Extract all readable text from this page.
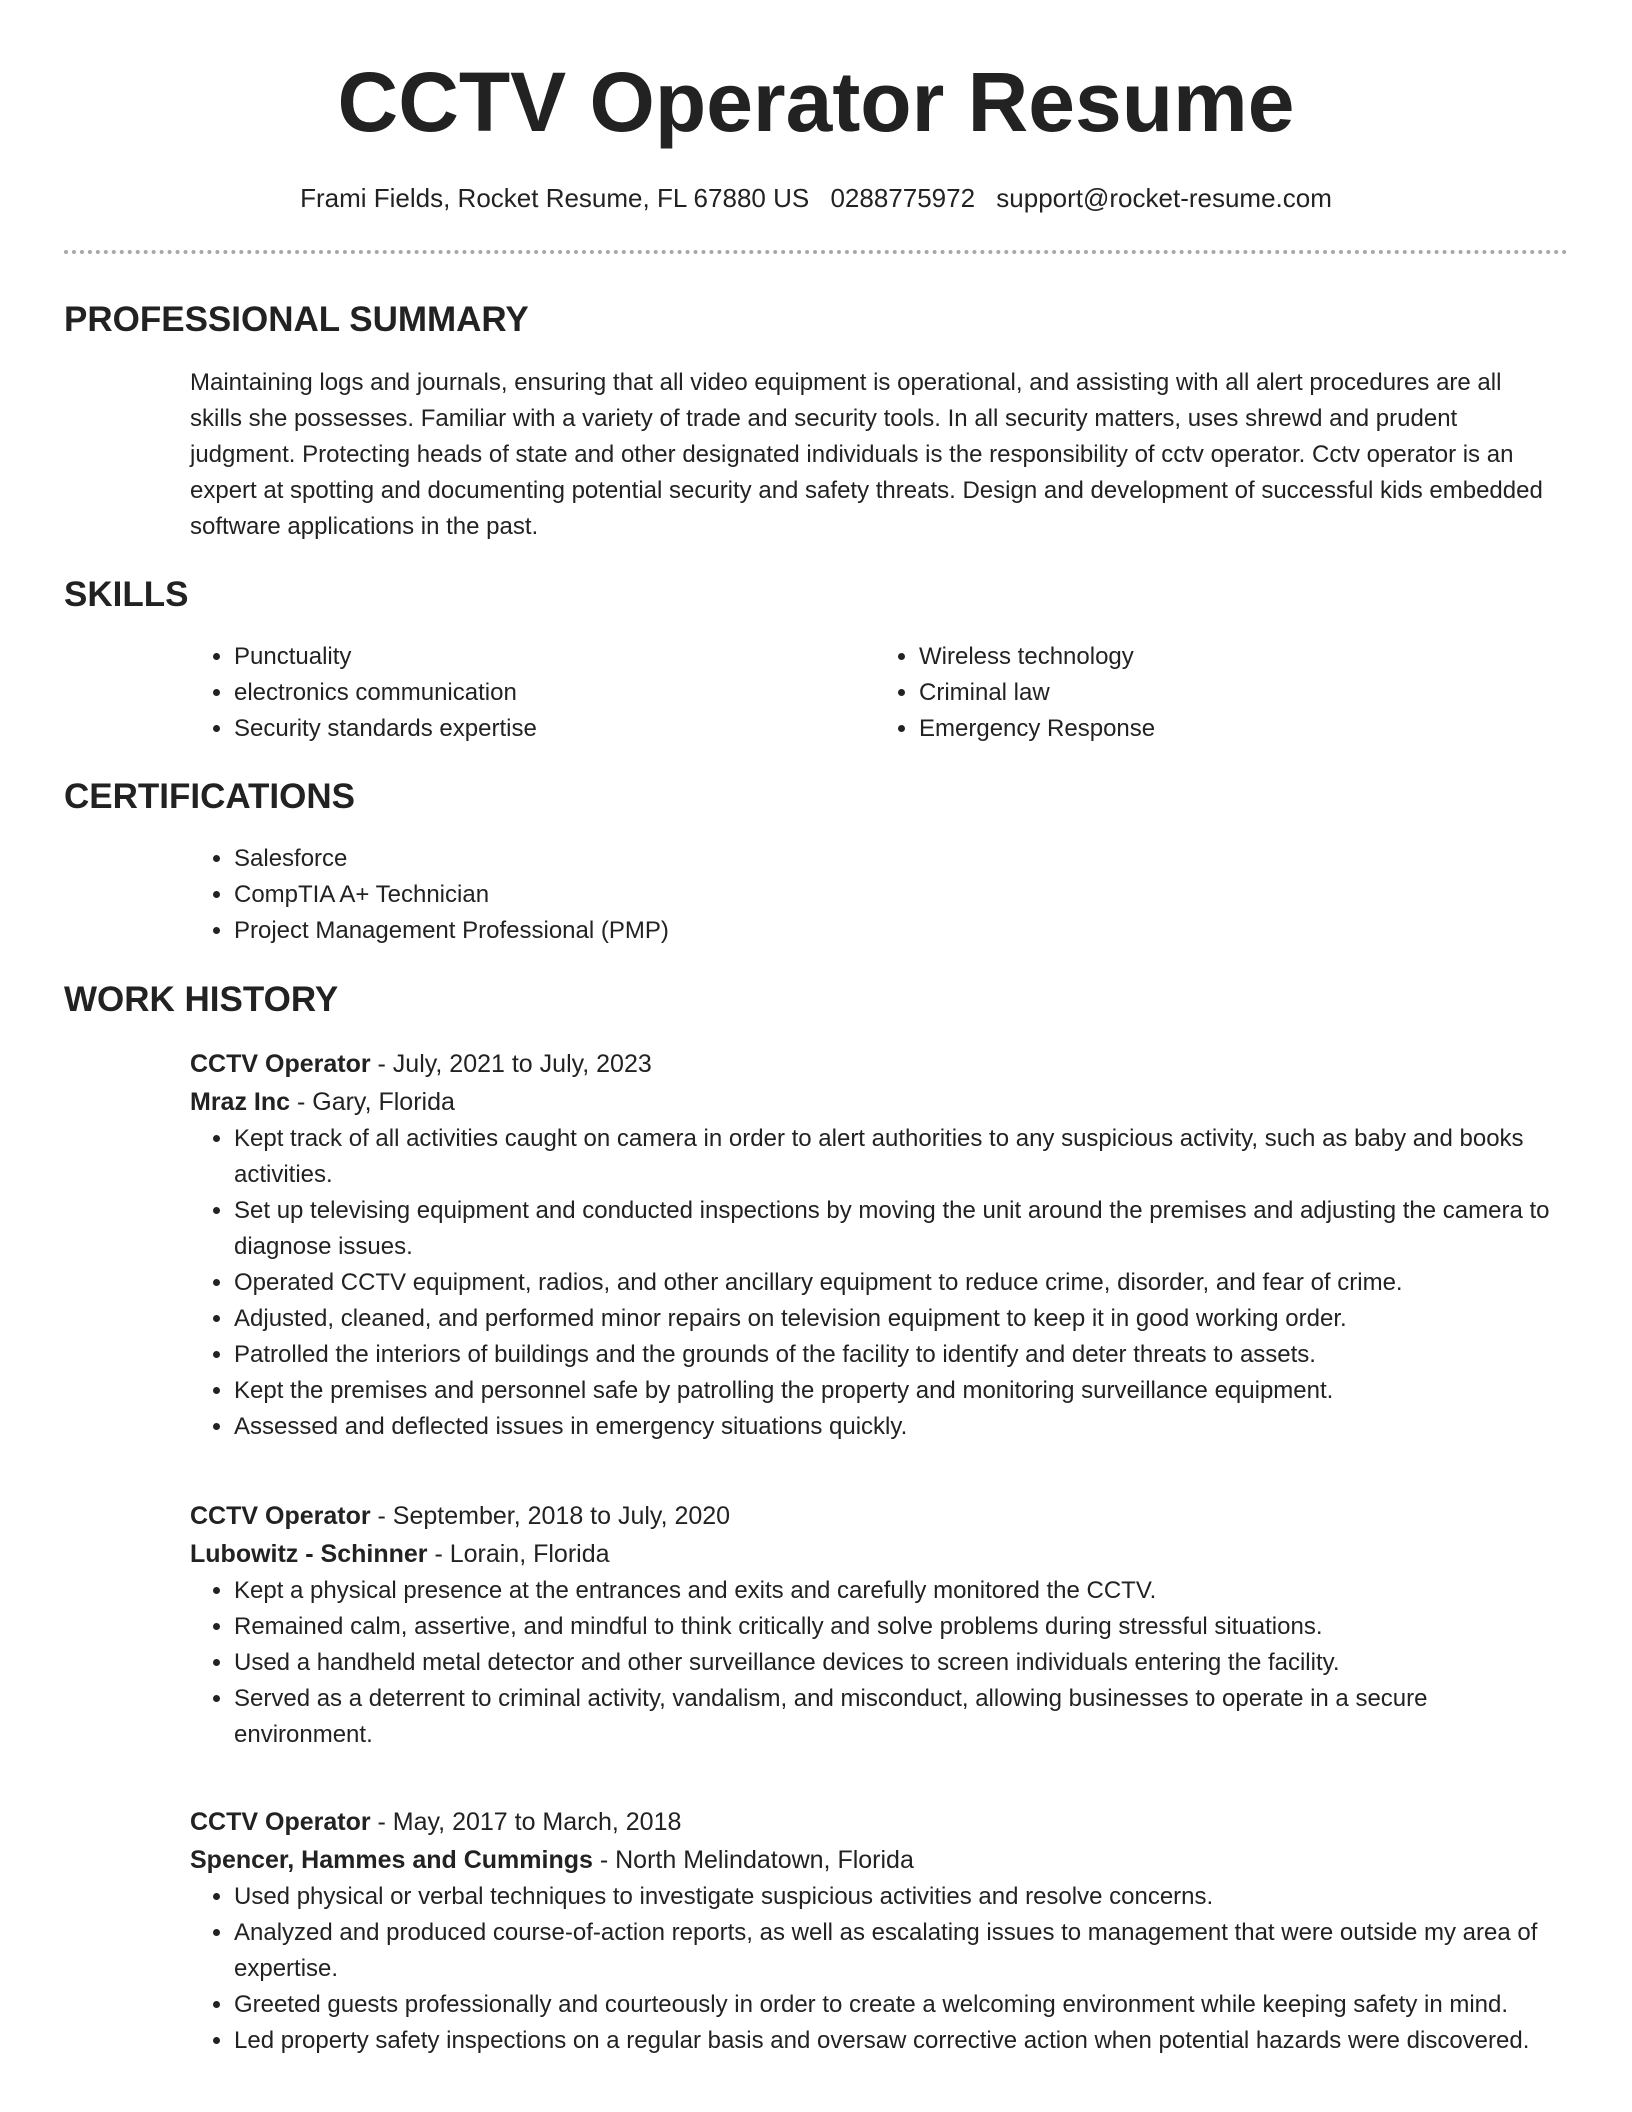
CCTV Operator Resume
Frami Fields, Rocket Resume, FL 67880 US 0288775972 support@rocket-resume.com
PROFESSIONAL SUMMARY

Maintaining logs and journals, ensuring that all video equipment is operational, and assisting with all alert procedures are all skills she possesses. Familiar with a variety of trade and security tools. In all security matters, uses shrewd and prudent judgment. Protecting heads of state and other designated individuals is the responsibility of cctv operator. Cctv operator is an expert at spotting and documenting potential security and safety threats. Design and development of successful kids embedded software applications in the past.

SKILLS
• Punctuality
• electronics communication
• Security standards expertise
• Wireless technology
• Criminal law
• Emergency Response
CERTIFICATIONS
• Salesforce
• CompTIA A+ Technician
• Project Management Professional (PMP)
WORK HISTORY
CCTV Operator - July, 2021 to July, 2023
Mraz Inc - Gary, Florida
• Kept track of all activities caught on camera in order to alert authorities to any suspicious activity, such as baby and books activities.
• Set up televising equipment and conducted inspections by moving the unit around the premises and adjusting the camera to diagnose issues.
• Operated CCTV equipment, radios, and other ancillary equipment to reduce crime, disorder, and fear of crime.
• Adjusted, cleaned, and performed minor repairs on television equipment to keep it in good working order.
• Patrolled the interiors of buildings and the grounds of the facility to identify and deter threats to assets.
• Kept the premises and personnel safe by patrolling the property and monitoring surveillance equipment.
• Assessed and deflected issues in emergency situations quickly.
CCTV Operator - September, 2018 to July, 2020
Lubowitz - Schinner - Lorain, Florida
• Kept a physical presence at the entrances and exits and carefully monitored the CCTV.
• Remained calm, assertive, and mindful to think critically and solve problems during stressful situations.
• Used a handheld metal detector and other surveillance devices to screen individuals entering the facility.
• Served as a deterrent to criminal activity, vandalism, and misconduct, allowing businesses to operate in a secure environment.
CCTV Operator - May, 2017 to March, 2018
Spencer, Hammes and Cummings - North Melindatown, Florida
• Used physical or verbal techniques to investigate suspicious activities and resolve concerns.
• Analyzed and produced course-of-action reports, as well as escalating issues to management that were outside my area of expertise.
• Greeted guests professionally and courteously in order to create a welcoming environment while keeping safety in mind.
• Led property safety inspections on a regular basis and oversaw corrective action when potential hazards were discovered.
